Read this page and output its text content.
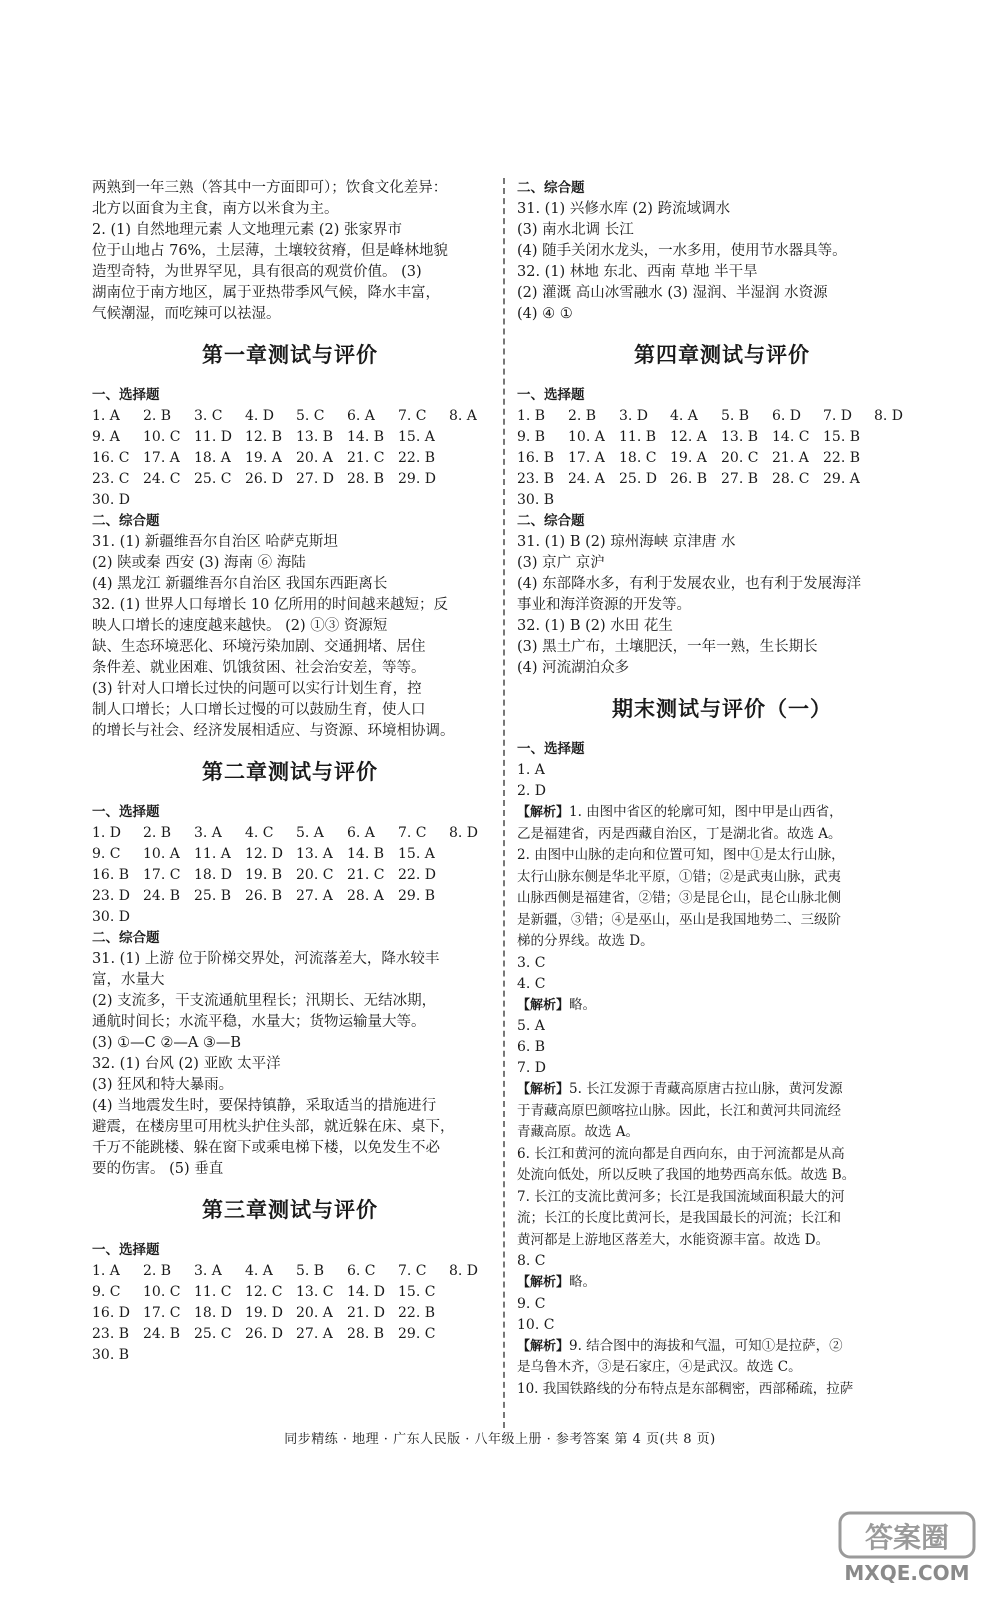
两熟到一年三熟（答其中一方面即可）；饮食文化差异：
北方以面食为主食，南方以米食为主。
2. (1) 自然地理元素 人文地理元素 (2) 张家界市
位于山地占 76%，土层薄，土壤较贫瘠，但是峰林地貌
造型奇特，为世界罕见，具有很高的观赏价值。 (3)
湖南位于南方地区，属于亚热带季风气候，降水丰富，
气候潮湿，而吃辣可以祛湿。
第一章测试与评价
一、选择题
1. A 2. B 3. C 4. D 5. C 6. A 7. C 8. A
9. A 10. C 11. D 12. B 13. B 14. B 15. A
16. C 17. A 18. A 19. A 20. A 21. C 22. B
23. C 24. C 25. C 26. D 27. D 28. B 29. D
30. D
二、综合题
31. (1) 新疆维吾尔自治区 哈萨克斯坦
(2) 陕或秦 西安 (3) 海南 ⑥ 海陆
(4) 黑龙江 新疆维吾尔自治区 我国东西距离长
32. (1) 世界人口每增长 10 亿所用的时间越来越短；反
映人口增长的速度越来越快。 (2) ①③ 资源短
缺、生态环境恶化、环境污染加剧、交通拥堵、居住
条件差、就业困难、饥饿贫困、社会治安差，等等。
(3) 针对人口增长过快的问题可以实行计划生育，控
制人口增长；人口增长过慢的可以鼓励生育，使人口
的增长与社会、经济发展相适应、与资源、环境相协调。
第二章测试与评价
一、选择题
1. D 2. B 3. A 4. C 5. A 6. A 7. C 8. D
9. C 10. A 11. A 12. D 13. A 14. B 15. A
16. B 17. C 18. D 19. B 20. C 21. C 22. D
23. D 24. B 25. B 26. B 27. A 28. A 29. B
30. D
二、综合题
31. (1) 上游 位于阶梯交界处，河流落差大，降水较丰
富，水量大
(2) 支流多，干支流通航里程长；汛期长、无结冰期，
通航时间长；水流平稳，水量大；货物运输量大等。
(3) ①—C ②—A ③—B
32. (1) 台风 (2) 亚欧 太平洋
(3) 狂风和特大暴雨。
(4) 当地震发生时，要保持镇静，采取适当的措施进行
避震，在楼房里可用枕头护住头部，就近躲在床、桌下，
千万不能跳楼、躲在窗下或乘电梯下楼，以免发生不必
要的伤害。 (5) 垂直
第三章测试与评价
一、选择题
1. A 2. B 3. A 4. A 5. B 6. C 7. C 8. D
9. C 10. C 11. C 12. C 13. C 14. D 15. C
16. D 17. C 18. D 19. D 20. A 21. D 22. B
23. B 24. B 25. C 26. D 27. A 28. B 29. C
30. B
二、综合题
31. (1) 兴修水库 (2) 跨流域调水
(3) 南水北调 长江
(4) 随手关闭水龙头，一水多用，使用节水器具等。
32. (1) 林地 东北、西南 草地 半干旱
(2) 灌溉 高山冰雪融水 (3) 湿润、半湿润 水资源
(4) ④ ①
第四章测试与评价
一、选择题
1. B 2. B 3. D 4. A 5. B 6. D 7. D 8. D
9. B 10. A 11. B 12. A 13. B 14. C 15. B
16. B 17. A 18. C 19. A 20. C 21. A 22. B
23. B 24. A 25. D 26. B 27. B 28. C 29. A
30. B
二、综合题
31. (1) B (2) 琼州海峡 京津唐 水
(3) 京广 京沪
(4) 东部降水多，有利于发展农业，也有利于发展海洋
事业和海洋资源的开发等。
32. (1) B (2) 水田 花生
(3) 黑土广布，土壤肥沃，一年一熟，生长期长
(4) 河流湖泊众多
期末测试与评价（一）
一、选择题
1. A
2. D
【解析】1. 由图中省区的轮廓可知，图中甲是山西省，
乙是福建省，丙是西藏自治区，丁是湖北省。故选 A。
2. 由图中山脉的走向和位置可知，图中①是太行山脉，
太行山脉东侧是华北平原，①错；②是武夷山脉，武夷
山脉西侧是福建省，②错；③是昆仑山，昆仑山脉北侧
是新疆，③错；④是巫山，巫山是我国地势二、三级阶
梯的分界线。故选 D。
3. C
4. C
【解析】略。
5. A
6. B
7. D
【解析】5. 长江发源于青藏高原唐古拉山脉，黄河发源
于青藏高原巴颜喀拉山脉。因此，长江和黄河共同流经
青藏高原。故选 A。
6. 长江和黄河的流向都是自西向东，由于河流都是从高
处流向低处，所以反映了我国的地势西高东低。故选 B。
7. 长江的支流比黄河多；长江是我国流域面积最大的河
流；长江的长度比黄河长，是我国最长的河流；长江和
黄河都是上游地区落差大，水能资源丰富。故选 D。
8. C
【解析】略。
9. C
10. C
【解析】9. 结合图中的海拔和气温，可知①是拉萨，②
是乌鲁木齐，③是石家庄，④是武汉。故选 C。
10. 我国铁路线的分布特点是东部稠密，西部稀疏，拉萨
同步精练 · 地理 · 广东人民版 · 八年级上册 · 参考答案 第 4 页(共 8 页)
答案圈
MXQE.COM
